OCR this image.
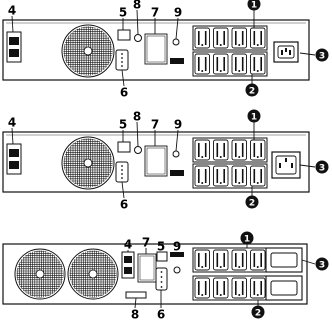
4	5
8
7 9
1
2
3
6
4	5
8
7 9
1
2
3
6
4 7 5 9
1
3
2
8 6
